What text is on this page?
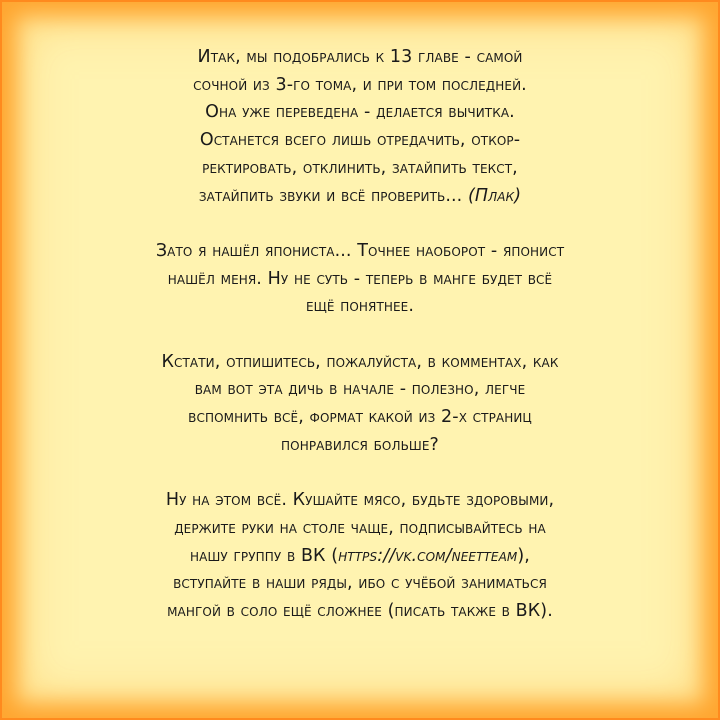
Итак, мы подобрались к 13 главе - самой
сочной из 3-го тома, и при том последней.
Она уже переведена - делается вычитка.
Останется всего лишь отредачить, откор-
ректировать, отклинить, затайпить текст,
затайпить звуки и всё проверить... (Плак)
Зато я нашёл япониста... Точнее наоборот - японист
нашёл меня. Ну не суть - теперь в манге будет всё
ещё понятнее.
Кстати, отпишитесь, пожалуйста, в комментах, как
вам вот эта дичь в начале - полезно, легче
вспомнить всё, формат какой из 2-х страниц
понравился больше?
Ну на этом всё. Кушайте мясо, будьте здоровыми,
держите руки на столе чаще, подписывайтесь на
нашу группу в ВК (https://vk.com/neetteam),
вступайте в наши ряды, ибо с учёбой заниматься
мангой в соло ещё сложнее (писать также в ВК).
